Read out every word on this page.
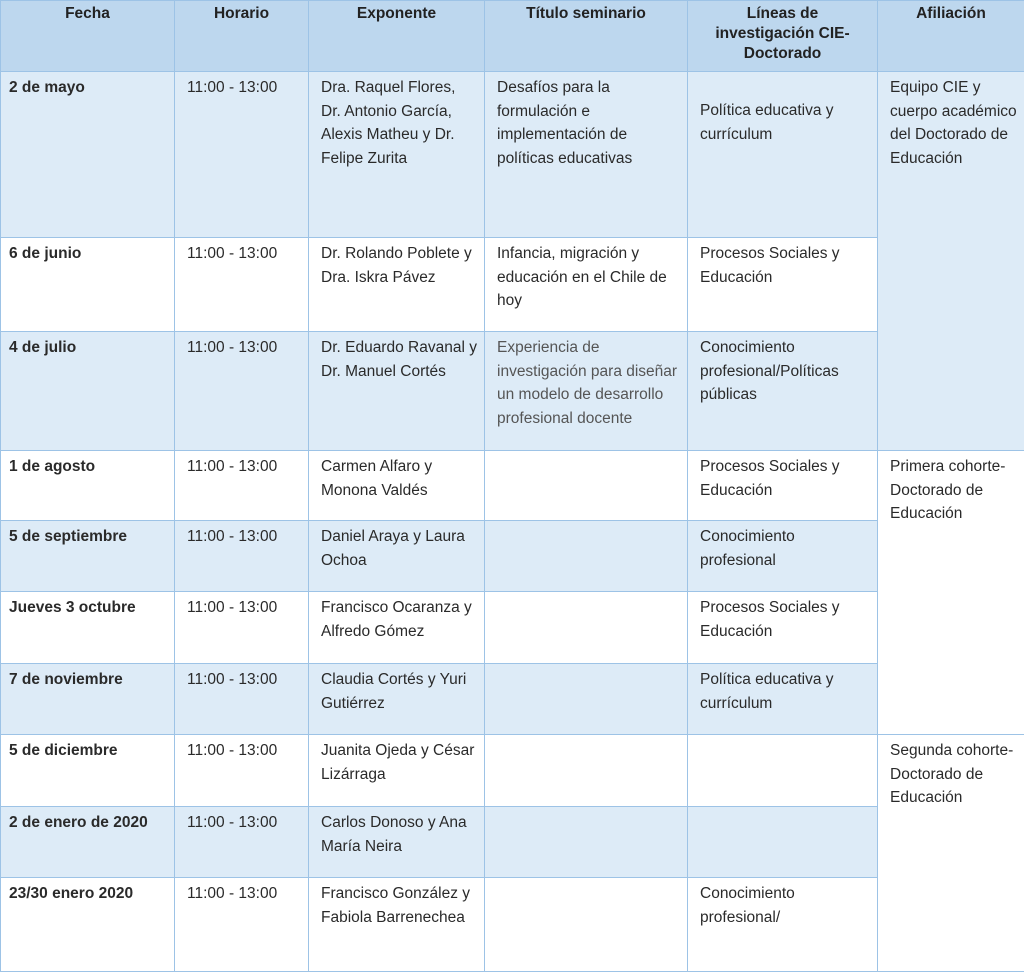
Fecha	Horario	Exponente	Título seminario	Líneas de investigación CIE-Doctorado	Afiliación
2 de mayo	11:00 - 13:00	Dra. Raquel Flores, Dr. Antonio García, Alexis Matheu y Dr. Felipe Zurita	Desafíos para la formulación e implementación de políticas educativas	Política educativa y currículum	Equipo CIE y cuerpo académico del Doctorado de Educación
6 de junio	11:00 - 13:00	Dr. Rolando Poblete y Dra. Iskra Pávez	Infancia, migración y educación en el Chile de hoy	Procesos Sociales y Educación	
4 de julio	11:00 - 13:00	Dr. Eduardo Ravanal y Dr. Manuel Cortés	Experiencia de investigación para diseñar un modelo de desarrollo profesional docente	Conocimiento profesional/Políticas públicas	
1 de agosto	11:00 - 13:00	Carmen Alfaro y Monona Valdés		Procesos Sociales y Educación	Primera cohorte-Doctorado de Educación
5 de septiembre	11:00 - 13:00	Daniel Araya y Laura Ochoa		Conocimiento profesional	
Jueves 3 octubre	11:00 - 13:00	Francisco Ocaranza y Alfredo Gómez		Procesos Sociales y Educación	
7 de noviembre	11:00 - 13:00	Claudia Cortés y Yuri Gutiérrez		Política educativa y currículum	
5 de diciembre	11:00 - 13:00	Juanita Ojeda y César Lizárraga			Segunda cohorte-Doctorado de Educación
2 de enero de 2020	11:00 - 13:00	Carlos Donoso y Ana María Neira			
23/30 enero 2020	11:00 - 13:00	Francisco González y Fabiola Barrenechea		Conocimiento profesional/	
